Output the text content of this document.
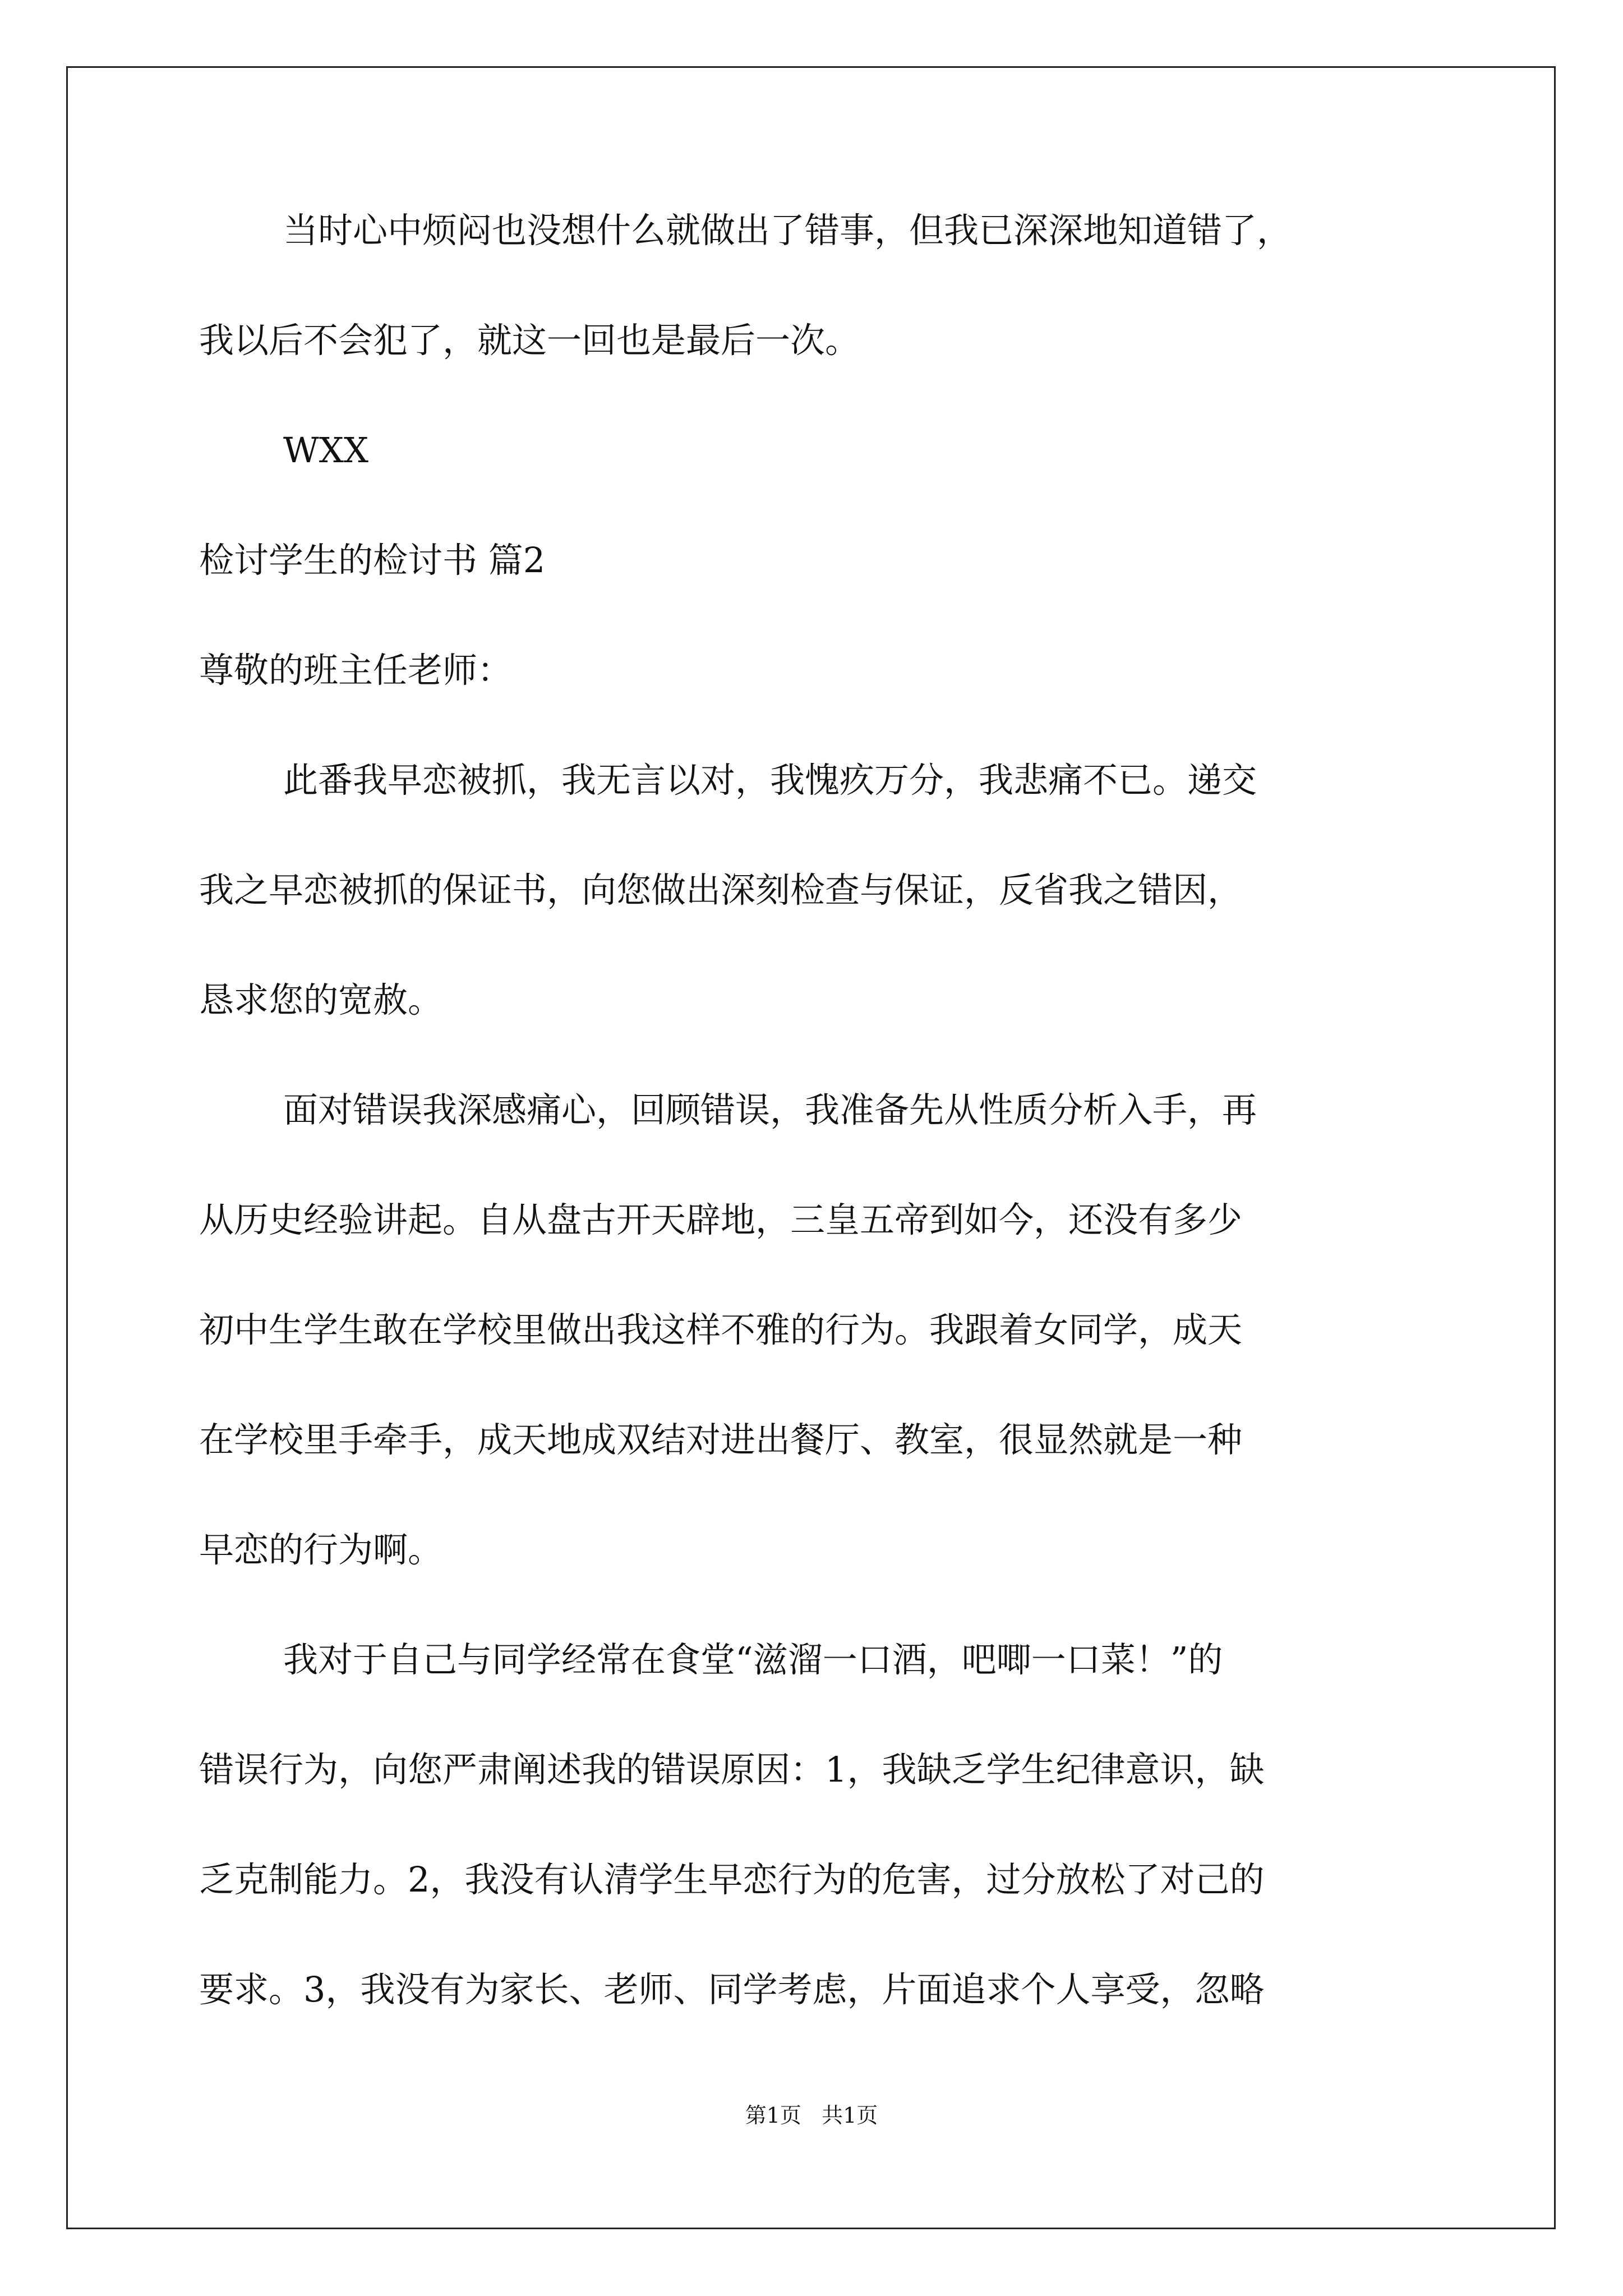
当时心中烦闷也没想什么就做出了错事，但我已深深地知道错了，
我以后不会犯了，就这一回也是最后一次。
WXX
检讨学生的检讨书 篇2
尊敬的班主任老师：
此番我早恋被抓，我无言以对，我愧疚万分，我悲痛不已。递交
我之早恋被抓的保证书，向您做出深刻检查与保证，反省我之错因，
恳求您的宽赦。
面对错误我深感痛心，回顾错误，我准备先从性质分析入手，再
从历史经验讲起。自从盘古开天辟地，三皇五帝到如今，还没有多少
初中生学生敢在学校里做出我这样不雅的行为。我跟着女同学，成天
在学校里手牵手，成天地成双结对进出餐厅、教室，很显然就是一种
早恋的行为啊。
我对于自己与同学经常在食堂“滋溜一口酒，吧唧一口菜！”的
错误行为，向您严肃阐述我的错误原因：1，我缺乏学生纪律意识，缺
乏克制能力。2，我没有认清学生早恋行为的危害，过分放松了对己的
要求。3，我没有为家长、老师、同学考虑，片面追求个人享受，忽略
第1页   共1页
